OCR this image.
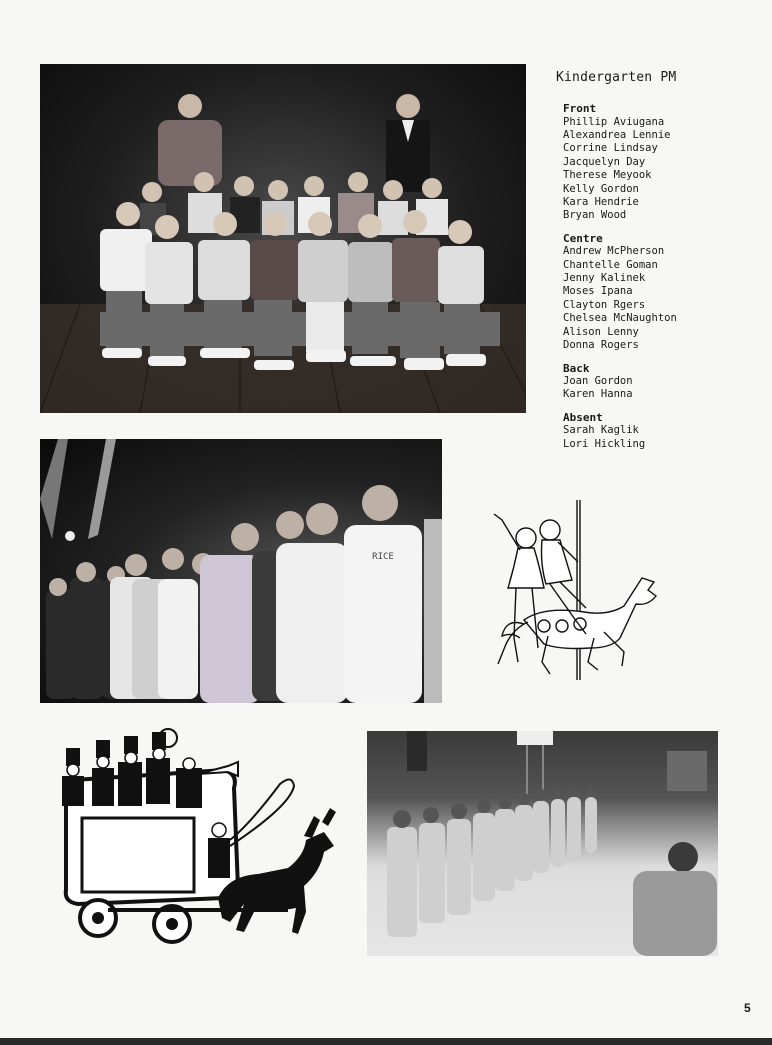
RICE
Kindergarten PM
Front
Phillip Aviugana
Alexandrea Lennie
Corrine Lindsay
Jacquelyn Day
Therese Meyook
Kelly Gordon
Kara Hendrie
Bryan Wood
Centre
Andrew McPherson
Chantelle Goman
Jenny Kalinek
Moses Ipana
Clayton Rgers
Chelsea McNaughton
Alison Lenny
Donna Rogers
Back
Joan Gordon
Karen Hanna
Absent
Sarah Kaglik
Lori Hickling
5
